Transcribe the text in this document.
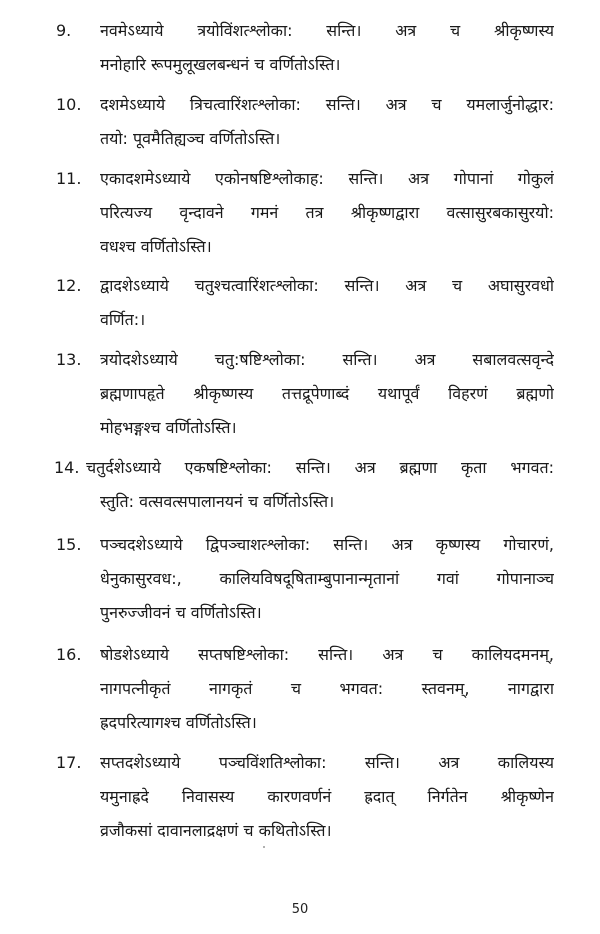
9. नवमेऽध्याये त्रयोविंशत्श्लोका: सन्ति। अत्र च श्रीकृष्णस्य
मनोहारि रूपमुलूखलबन्धनं च वर्णितोऽस्ति।
10. दशमेऽध्याये त्रिचत्वारिंशत्श्लोका: सन्ति। अत्र च यमलार्जुनोद्धार:
तयो: पूवमैतिह्यञ्च वर्णितोऽस्ति।
11. एकादशमेऽध्याये एकोनषष्टिश्लोकाह: सन्ति। अत्र गोपानां गोकुलं
परित्यज्य वृन्दावने गमनं तत्र श्रीकृष्णद्वारा वत्सासुरबकासुरयो:
वधश्च वर्णितोऽस्ति।
12. द्वादशेऽध्याये चतुश्चत्वारिंशत्श्लोका: सन्ति। अत्र च अघासुरवधो
वर्णित:।
13. त्रयोदशेऽध्याये चतु:षष्टिश्लोका: सन्ति। अत्र सबालवत्सवृन्दे
ब्रह्मणापहृते श्रीकृष्णस्य तत्तद्रूपेणाब्दं यथापूर्वं विहरणं ब्रह्मणो
मोहभङ्गश्च वर्णितोऽस्ति।
14. चतुर्दशेऽध्याये एकषष्टिश्लोका: सन्ति। अत्र ब्रह्मणा कृता भगवत:
स्तुति: वत्सवत्सपालानयनं च वर्णितोऽस्ति।
15. पञ्चदशेऽध्याये द्विपञ्चाशत्श्लोका: सन्ति। अत्र कृष्णस्य गोचारणं,
धेनुकासुरवध:, कालियविषदूषिताम्बुपानान्मृतानां गवां गोपानाञ्च
पुनरुज्जीवनं च वर्णितोऽस्ति।
16. षोडशेऽध्याये सप्तषष्टिश्लोका: सन्ति। अत्र च कालियदमनम्,
नागपत्नीकृतं नागकृतं च भगवत: स्तवनम्, नागद्वारा
ह्रदपरित्यागश्च वर्णितोऽस्ति।
17. सप्तदशेऽध्याये पञ्चविंशतिश्लोका: सन्ति। अत्र कालियस्य
यमुनाह्रदे निवासस्य कारणवर्णनं ह्रदात् निर्गतेन श्रीकृष्णेन
व्रजौकसां दावानलाद्रक्षणं च कथितोऽस्ति।
50
